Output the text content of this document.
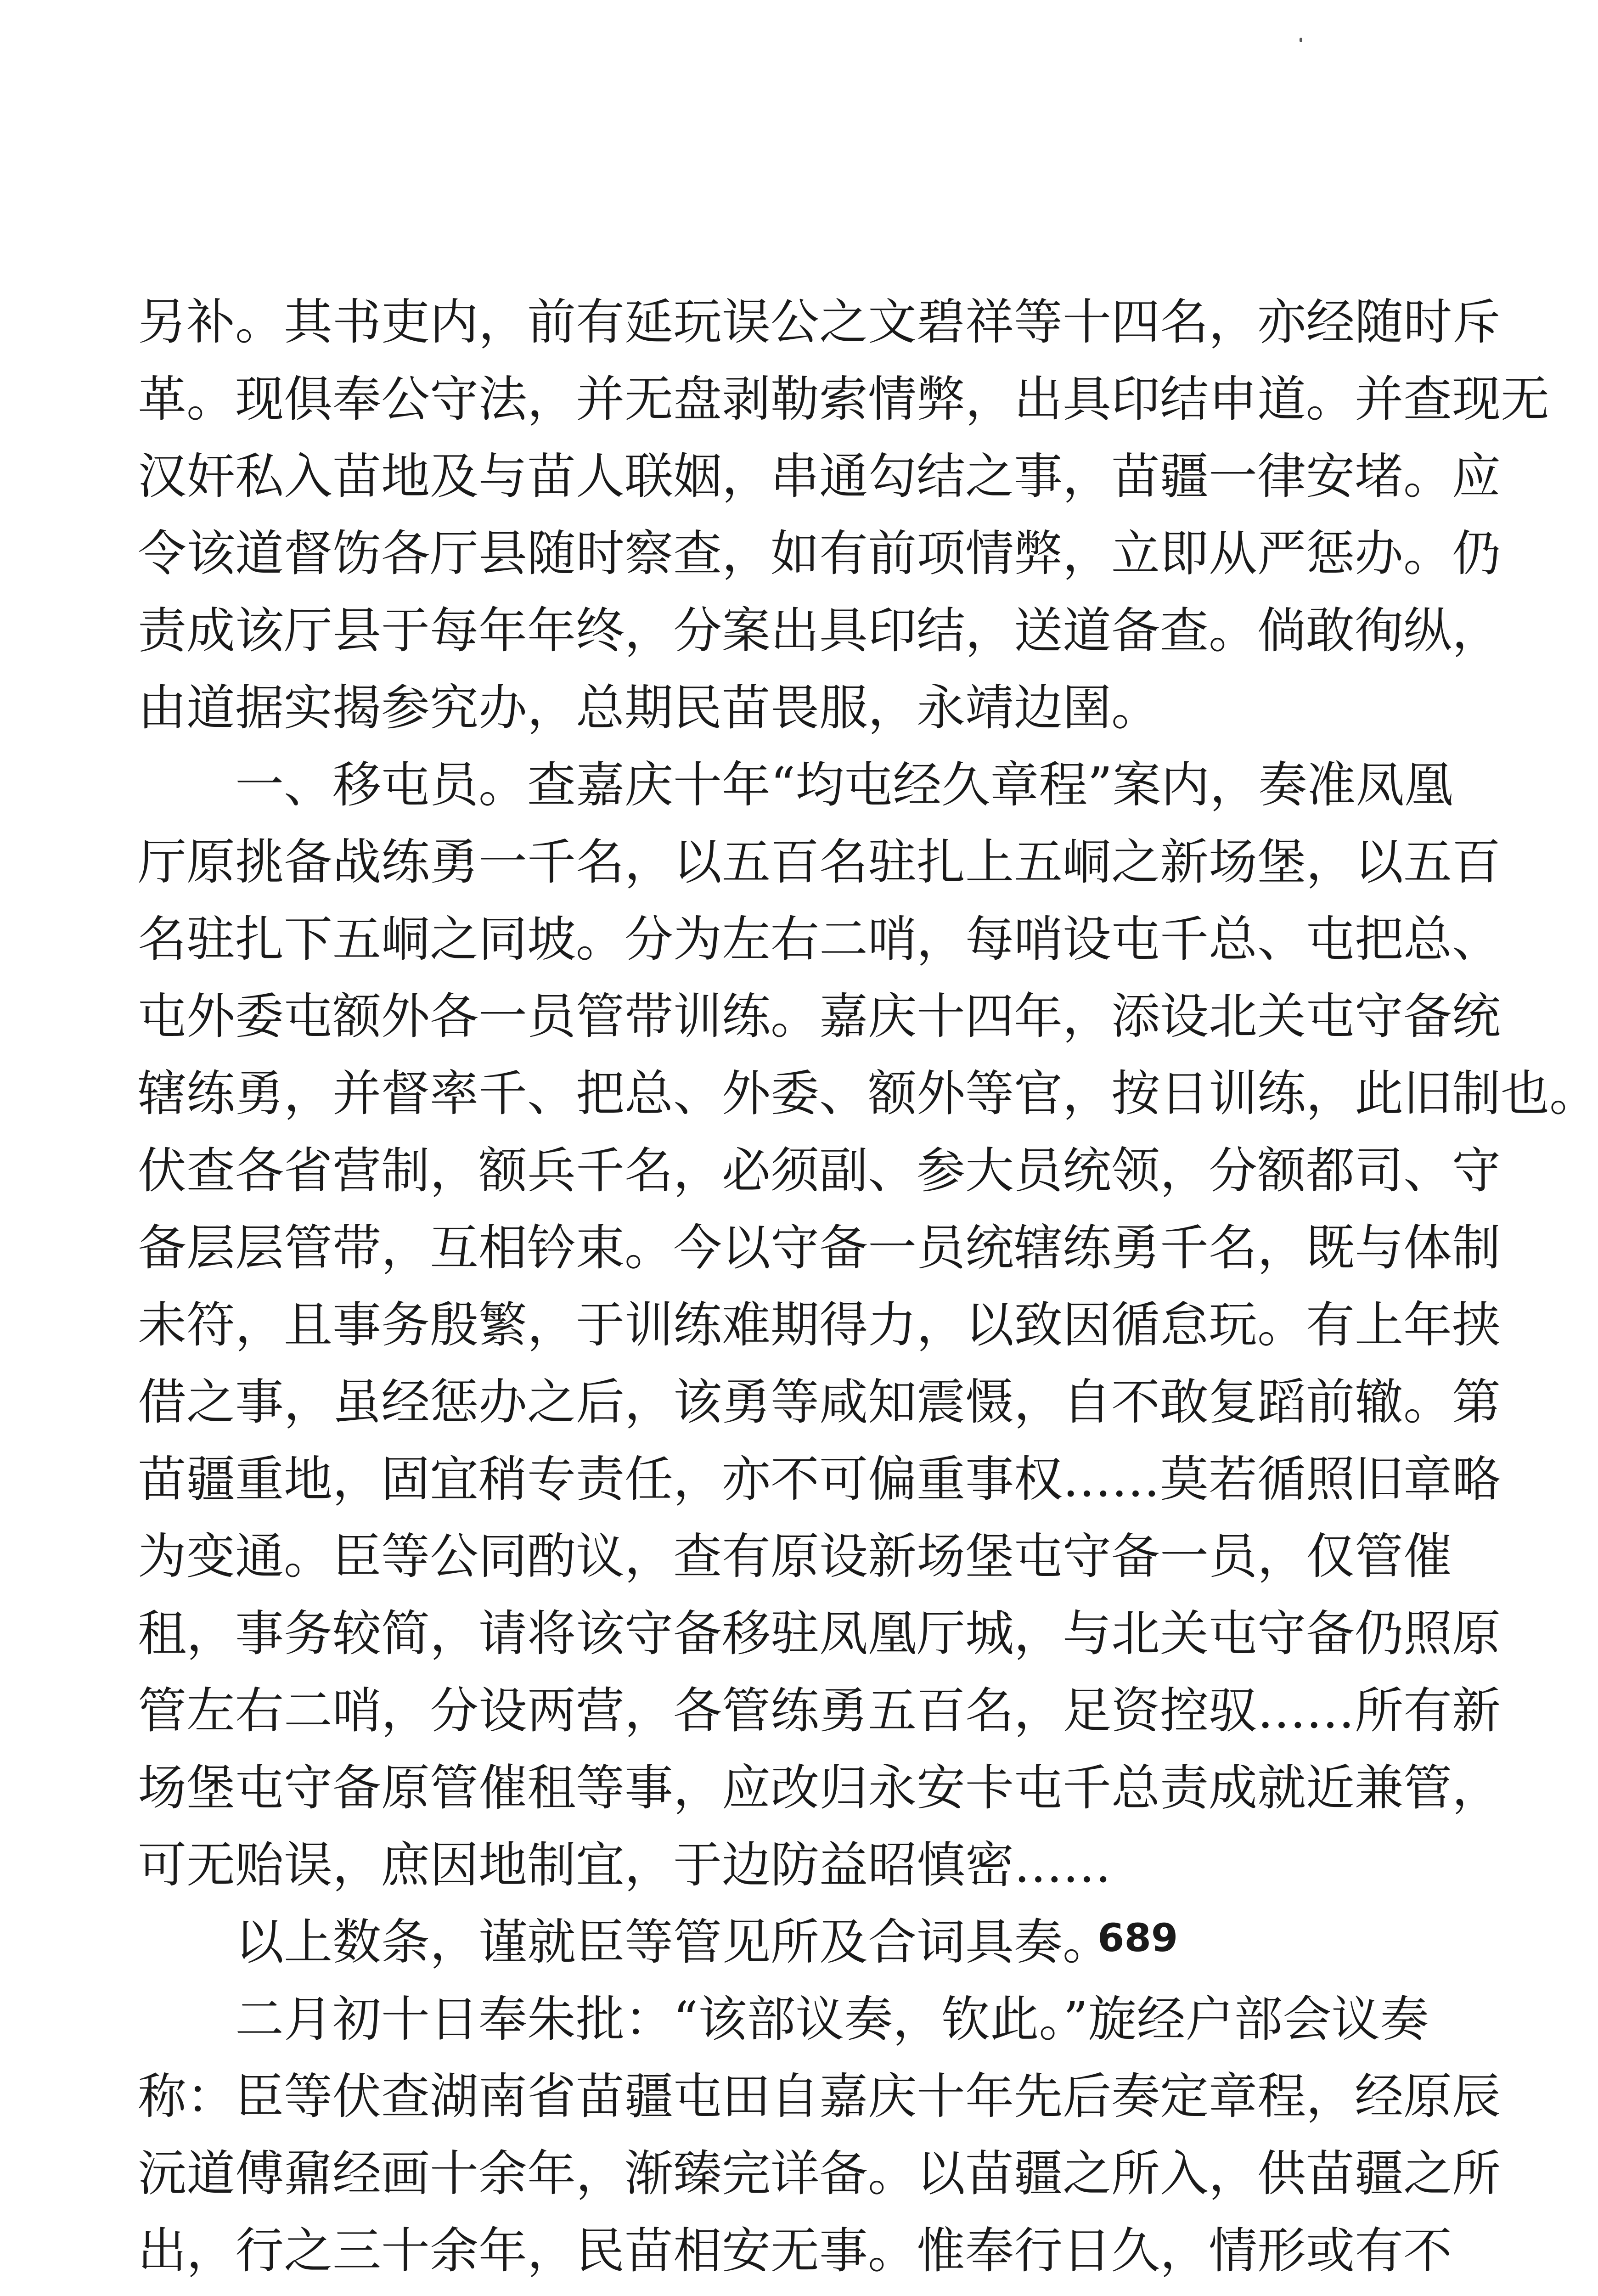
另补。其书吏内，前有延玩误公之文碧祥等十四名，亦经随时斥
革。现俱奉公守法，并无盘剥勒索情弊，出具印结申道。并查现无
汉奸私入苗地及与苗人联姻，串通勾结之事，苗疆一律安堵。应
令该道督饬各厅县随时察查，如有前项情弊，立即从严惩办。仍
责成该厅县于每年年终，分案出具印结，送道备查。倘敢徇纵，
由道据实揭参究办，总期民苗畏服，永靖边圉。
　　一、移屯员。查嘉庆十年“均屯经久章程”案内，奏准凤凰
厅原挑备战练勇一千名，以五百名驻扎上五峒之新场堡，以五百
名驻扎下五峒之同坡。分为左右二哨，每哨设屯千总、屯把总、
屯外委屯额外各一员管带训练。嘉庆十四年，添设北关屯守备统
辖练勇，并督率千、把总、外委、额外等官，按日训练，此旧制也。
伏查各省营制，额兵千名，必须副、参大员统领，分额都司、守
备层层管带，互相钤束。今以守备一员统辖练勇千名，既与体制
未符，且事务殷繁，于训练难期得力，以致因循怠玩。有上年挟
借之事，虽经惩办之后，该勇等咸知震慑，自不敢复蹈前辙。第
苗疆重地，固宜稍专责任，亦不可偏重事权……莫若循照旧章略
为变通。臣等公同酌议，查有原设新场堡屯守备一员，仅管催
租，事务较简，请将该守备移驻凤凰厅城，与北关屯守备仍照原
管左右二哨，分设两营，各管练勇五百名，足资控驭……所有新
场堡屯守备原管催租等事，应改归永安卡屯千总责成就近兼管，
可无贻误，庶因地制宜，于边防益昭慎密……
　　以上数条，谨就臣等管见所及合词具奏。
　　二月初十日奉朱批：“该部议奏，钦此。”旋经户部会议奏
称：臣等伏查湖南省苗疆屯田自嘉庆十年先后奏定章程，经原辰
沅道傅鼐经画十余年，渐臻完详备。以苗疆之所入，供苗疆之所
出，行之三十余年，民苗相安无事。惟奉行日久，情形或有不
689
